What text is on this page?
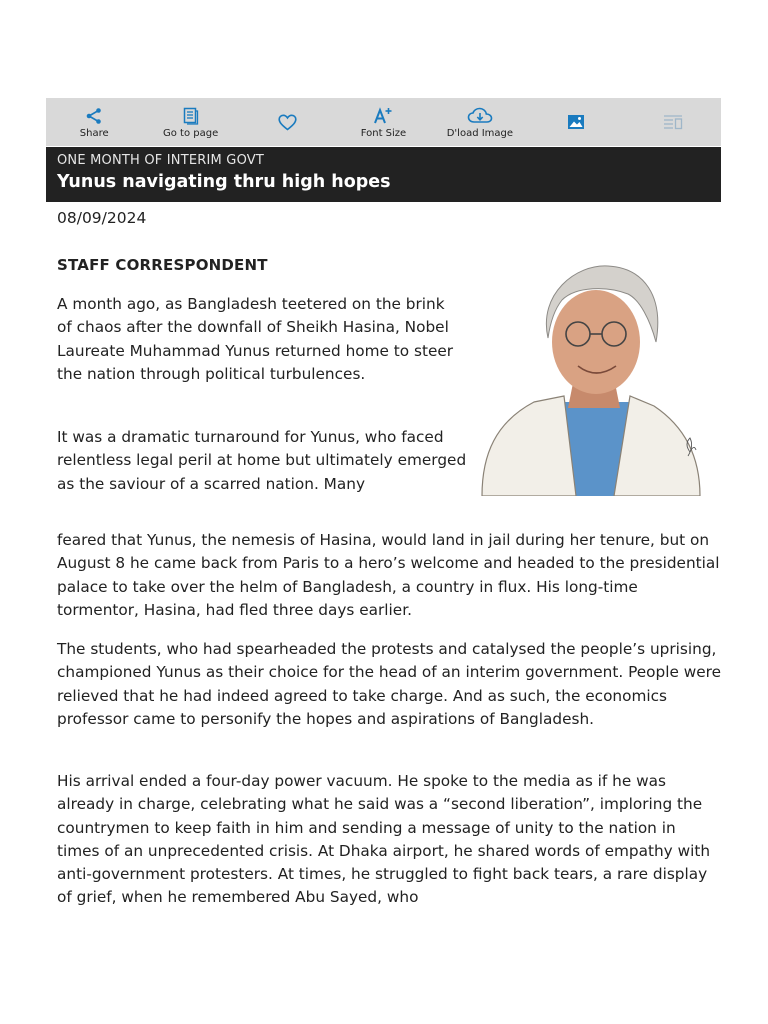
Share	Go to page	Font Size	D'load Image
ONE MONTH OF INTERIM GOVT
Yunus navigating thru high hopes
08/09/2024
STAFF CORRESPONDENT

A month ago, as Bangladesh teetered on the brink of chaos after the downfall of Sheikh Hasina, Nobel Laureate Muhammad Yunus returned home to steer the nation through political turbulences.

It was a dramatic turnaround for Yunus, who faced relentless legal peril at home but ultimately emerged as the saviour of a scarred nation. Many

feared that Yunus, the nemesis of Hasina, would land in jail during her tenure, but on August 8 he came back from Paris to a hero’s welcome and headed to the presidential palace to take over the helm of Bangladesh, a country in flux. His long-time tormentor, Hasina, had fled three days earlier.

The students, who had spearheaded the protests and catalysed the people’s uprising, championed Yunus as their choice for the head of an interim government. People were relieved that he had indeed agreed to take charge. And as such, the economics professor came to personify the hopes and aspirations of Bangladesh.

His arrival ended a four-day power vacuum. He spoke to the media as if he was already in charge, celebrating what he said was a “second liberation”, imploring the countrymen to keep faith in him and sending a message of unity to the nation in times of an unprecedented crisis. At Dhaka airport, he shared words of empathy with anti-government protesters. At times, he struggled to fight back tears, a rare display of grief, when he remembered Abu Sayed, who
